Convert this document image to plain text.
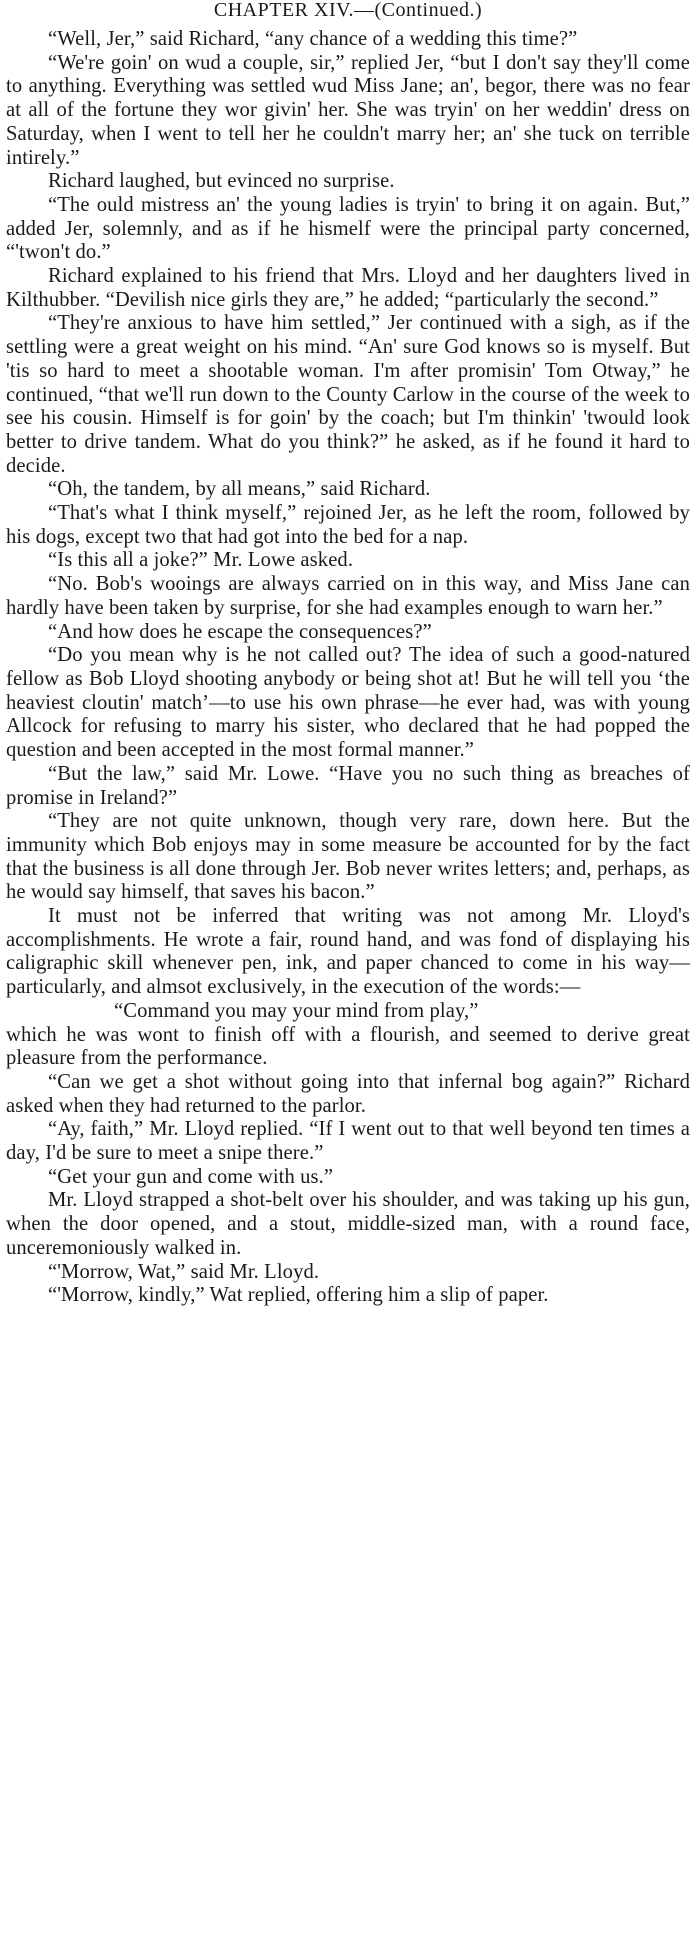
CHAPTER XIV.—(Continued.)

“Well, Jer,” said Richard, “any chance of a wedding this time?”

“We're goin' on wud a couple, sir,” replied Jer, “but I don't say they'll come to anything. Everything was settled wud Miss Jane; an', begor, there was no fear at all of the fortune they wor givin' her. She was tryin' on her weddin' dress on Saturday, when I went to tell her he couldn't marry her; an' she tuck on terrible intirely.”

Richard laughed, but evinced no surprise.

“The ould mistress an' the young ladies is tryin' to bring it on again. But,” added Jer, solemnly, and as if he hismelf were the principal party concerned, “'twon't do.”

Richard explained to his friend that Mrs. Lloyd and her daughters lived in Kilthubber. “Devilish nice girls they are,” he added; “particularly the second.”

“They're anxious to have him settled,” Jer continued with a sigh, as if the settling were a great weight on his mind. “An' sure God knows so is myself. But 'tis so hard to meet a shootable woman. I'm after promisin' Tom Otway,” he continued, “that we'll run down to the County Carlow in the course of the week to see his cousin. Himself is for goin' by the coach; but I'm thinkin' 'twould look better to drive tandem. What do you think?” he asked, as if he found it hard to decide.

“Oh, the tandem, by all means,” said Richard.

“That's what I think myself,” rejoined Jer, as he left the room, followed by his dogs, except two that had got into the bed for a nap.

“Is this all a joke?” Mr. Lowe asked.

“No. Bob's wooings are always carried on in this way, and Miss Jane can hardly have been taken by surprise, for she had examples enough to warn her.”

“And how does he escape the consequences?”

“Do you mean why is he not called out? The idea of such a good-natured fellow as Bob Lloyd shooting anybody or being shot at! But he will tell you ‘the heaviest cloutin' match’—to use his own phrase—he ever had, was with young Allcock for refusing to marry his sister, who declared that he had popped the question and been accepted in the most formal manner.”

“But the law,” said Mr. Lowe. “Have you no such thing as breaches of promise in Ireland?”

“They are not quite unknown, though very rare, down here. But the immunity which Bob enjoys may in some measure be accounted for by the fact that the business is all done through Jer. Bob never writes letters; and, perhaps, as he would say himself, that saves his bacon.”

It must not be inferred that writing was not among Mr. Lloyd's accomplishments. He wrote a fair, round hand, and was fond of displaying his caligraphic skill whenever pen, ink, and paper chanced to come in his way—particularly, and almsot exclusively, in the execution of the words:—

“Command you may your mind from play,”

which he was wont to finish off with a flourish, and seemed to derive great pleasure from the performance.

“Can we get a shot without going into that infernal bog again?” Richard asked when they had returned to the parlor.

“Ay, faith,” Mr. Lloyd replied. “If I went out to that well beyond ten times a day, I'd be sure to meet a snipe there.”

“Get your gun and come with us.”

Mr. Lloyd strapped a shot-belt over his shoulder, and was taking up his gun, when the door opened, and a stout, middle-sized man, with a round face, unceremoniously walked in.

“'Morrow, Wat,” said Mr. Lloyd.

“'Morrow, kindly,” Wat replied, offering him a slip of paper.
